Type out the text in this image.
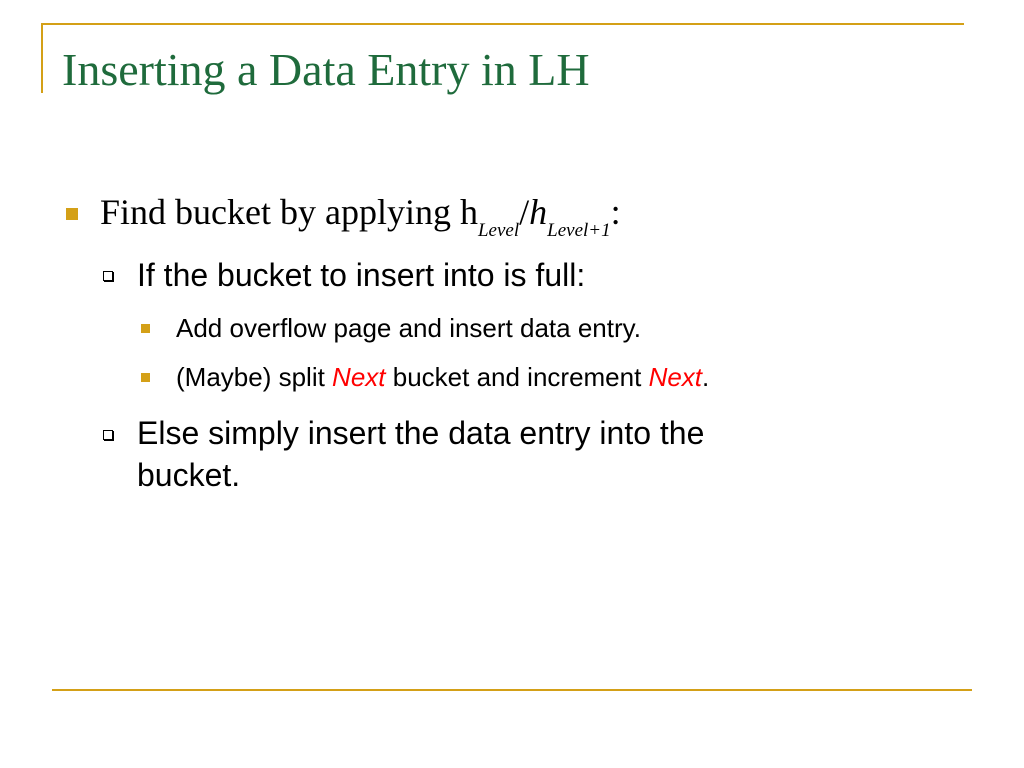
Inserting a Data Entry in LH
Find bucket by applying $h_{Level}/h_{Level+1}$:
If the bucket to insert into is full:
Add overflow page and insert data entry.
(Maybe) split Next bucket and increment Next.
Else simply insert the data entry into the
bucket.
